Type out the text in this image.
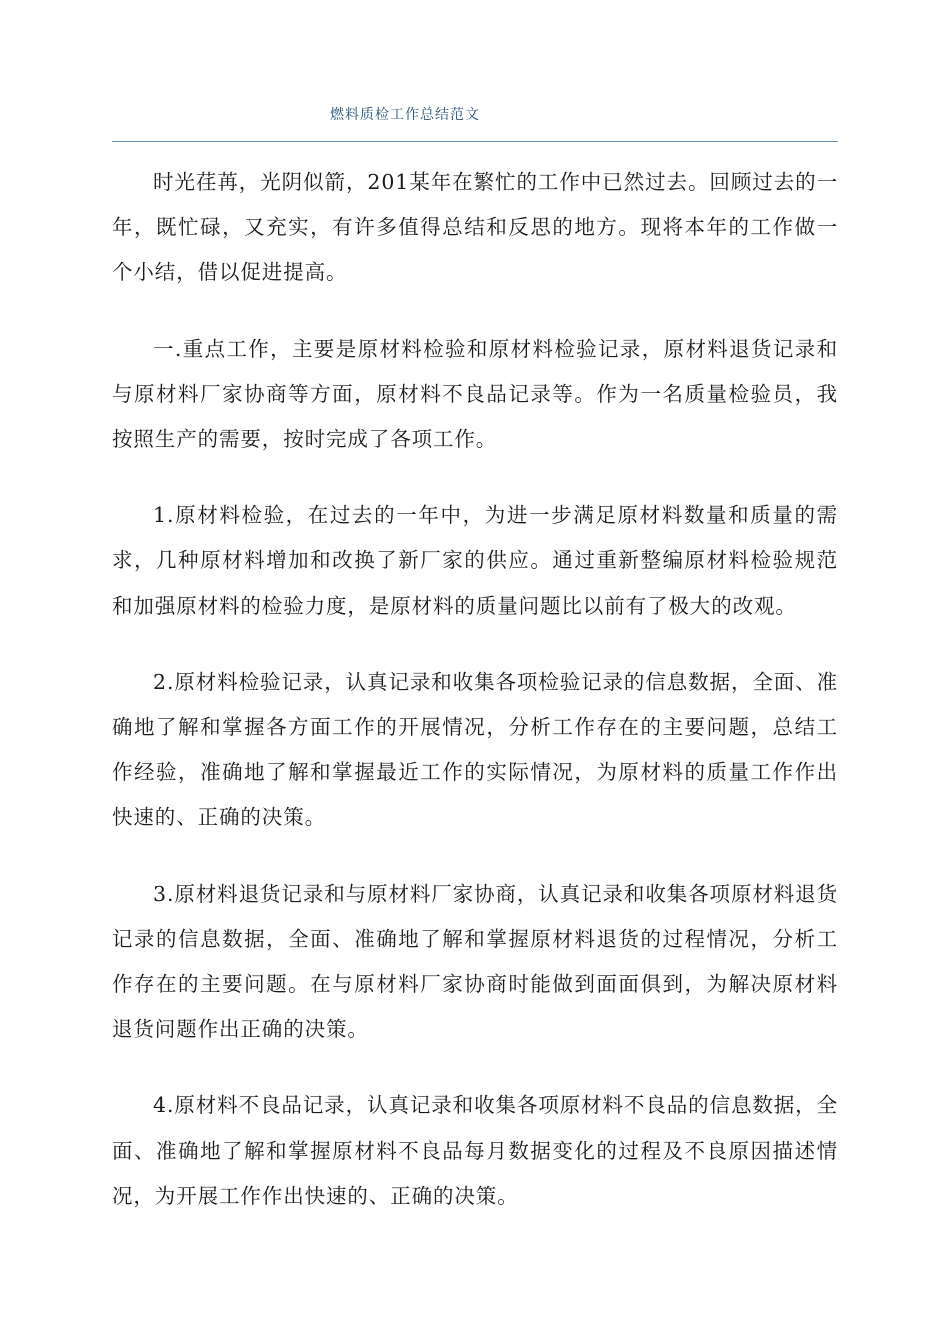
燃料质检工作总结范文

时光荏苒，光阴似箭，201某年在繁忙的工作中已然过去。回顾过去的一年，既忙碌，又充实，有许多值得总结和反思的地方。现将本年的工作做一个小结，借以促进提高。

一.重点工作，主要是原材料检验和原材料检验记录，原材料退货记录和与原材料厂家协商等方面，原材料不良品记录等。作为一名质量检验员，我按照生产的需要，按时完成了各项工作。

1.原材料检验，在过去的一年中，为进一步满足原材料数量和质量的需求，几种原材料增加和改换了新厂家的供应。通过重新整编原材料检验规范和加强原材料的检验力度，是原材料的质量问题比以前有了极大的改观。

2.原材料检验记录，认真记录和收集各项检验记录的信息数据，全面、准确地了解和掌握各方面工作的开展情况，分析工作存在的主要问题，总结工作经验，准确地了解和掌握最近工作的实际情况，为原材料的质量工作作出快速的、正确的决策。

3.原材料退货记录和与原材料厂家协商，认真记录和收集各项原材料退货记录的信息数据，全面、准确地了解和掌握原材料退货的过程情况，分析工作存在的主要问题。在与原材料厂家协商时能做到面面俱到，为解决原材料退货问题作出正确的决策。

4.原材料不良品记录，认真记录和收集各项原材料不良品的信息数据，全面、准确地了解和掌握原材料不良品每月数据变化的过程及不良原因描述情况，为开展工作作出快速的、正确的决策。
